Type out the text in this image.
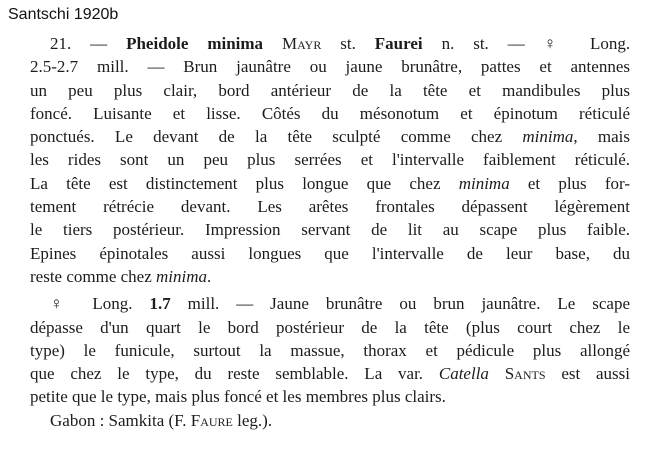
Santschi 1920b
21. — Pheidole minima Mayr st. Faurei n. st. — ♀ Long.
2.5-2.7 mill. — Brun jaunâtre ou jaune brunâtre, pattes et antennes
un peu plus clair, bord antérieur de la tête et mandibules plus
foncé. Luisante et lisse. Côtés du mésonotum et épinotum réticulé
ponctués. Le devant de la tête sculpté comme chez minima, mais
les rides sont un peu plus serrées et l'intervalle faiblement réticulé.
La tête est distinctement plus longue que chez minima et plus for-
tement rétrécie devant. Les arêtes frontales dépassent légèrement
le tiers postérieur. Impression servant de lit au scape plus faible.
Epines épinotales aussi longues que l'intervalle de leur base, du
reste comme chez minima.
♀ Long. 1.7 mill. — Jaune brunâtre ou brun jaunâtre. Le scape
dépasse d'un quart le bord postérieur de la tête (plus court chez le
type) le funicule, surtout la massue, thorax et pédicule plus allongé
que chez le type, du reste semblable. La var. Catella Sants est aussi
petite que le type, mais plus foncé et les membres plus clairs.
Gabon : Samkita (F. Faure leg.).
